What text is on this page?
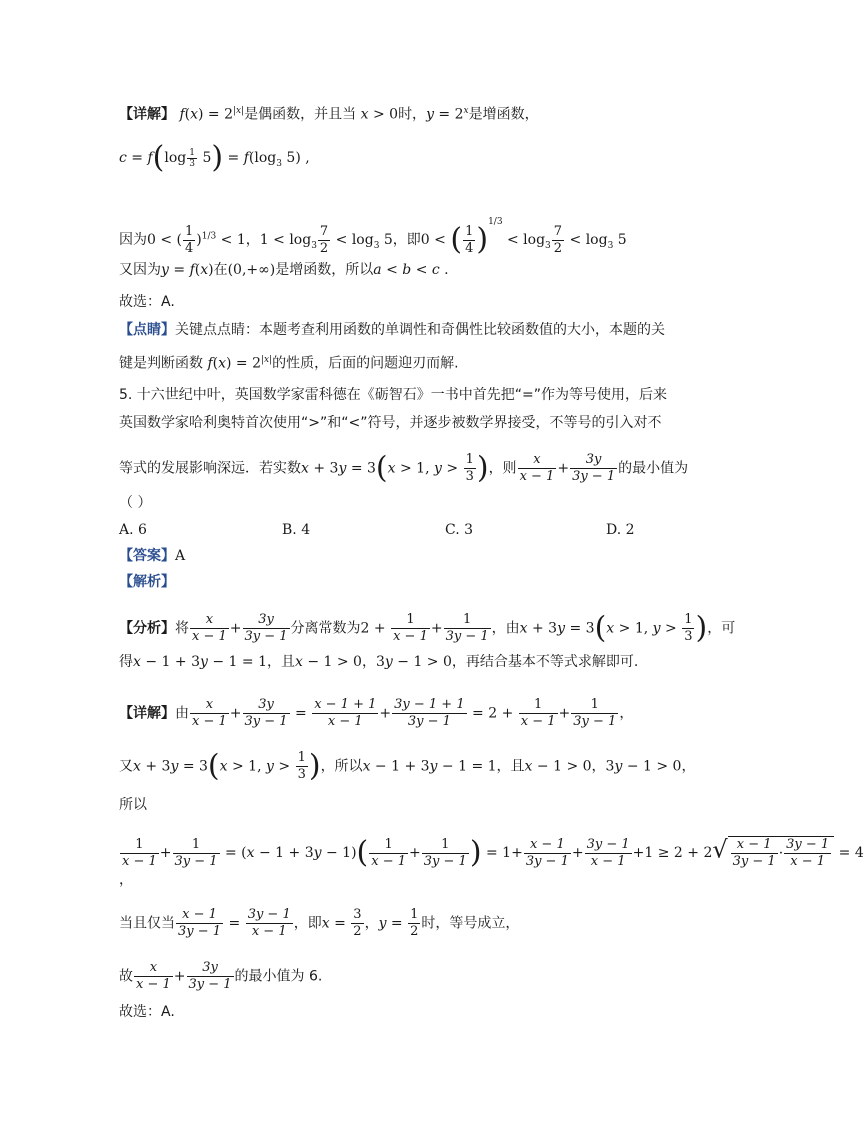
【详解】 $f(x) = 2^{|x|}$是偶函数，并且当 x > 0时，$y = 2^x$是增函数，
$c = f(\log \frac{1}{3} 5) = f(\log_3$ 5) ,
因为0 < ( $\frac{1}{4} )^{1/3} < 1$，$1 < \log_3 \frac{7}{2} < \log_3 5$，即0 < ( $\frac{1}{4} )^{1/3} < \log_3 \frac{7}{2} < \log_3 5$
又因为y = f(x)在(0,+∞)是增函数，所以a < b < c .
故选：A.
【点睛】关键点点睛：本题考查利用函数的单调性和奇偶性比较函数值的大小，本题的关
键是判断函数 $f(x) = 2^{|x|}$的性质，后面的问题迎刃而解.
5. 十六世纪中叶，英国数学家雷科德在《砺智石》一书中首先把“=”作为等号使用，后来
英国数学家哈利奥特首次使用“>”和“<”符号，并逐步被数学界接受，不等号的引入对不
等式的发展影响深远．若实数x + 3y = 3(x > 1, $y > \frac{1}{3}$ )，则 $\frac{x}{x - 1} + \frac{3y}{3y - 1}$ 的最小值为
（ ）
A. 6	B. 4	C. 3	D. 2
【答案】A
【解析】
【分析】将 $\frac{x}{x - 1} + \frac{3y}{3y - 1}$ 分离常数为$2 + \frac{1}{x - 1} + \frac{1}{3y - 1}$ ，由x + 3y = 3(x > 1, $y > \frac{1}{3}$ )，可
得x − 1 + 3y − 1 = 1，且x − 1 > 0，3y − 1 > 0，再结合基本不等式求解即可.
【详解】由 $\frac{x}{x - 1} + \frac{3y}{3y - 1} = \frac{x - 1 + 1}{x - 1} + \frac{3y - 1 + 1}{3y - 1} = 2 + \frac{1}{x - 1} + \frac{1}{3y - 1}$ ，
又x + 3y = 3(x > 1, $y > \frac{1}{3}$ )，所以x − 1 + 3y − 1 = 1，且x − 1 > 0，3y − 1 > 0，
所以
$\frac{1}{x - 1} + \frac{1}{3y - 1} = (x - 1 + 3y - 1)( \frac{1}{x - 1} + \frac{1}{3y - 1}$ ) = $1+ \frac{x - 1}{3y - 1} + \frac{3y - 1}{x - 1} +1 \ge 2 + 2√ \frac{x - 1}{3y - 1} \cdot \frac{3y - 1}{x - 1} = 4$
，
当且仅当 $\frac{x - 1}{3y - 1} = \frac{3y - 1}{x - 1}$ ，即$x = \frac{3}{2}$ ，$y = \frac{1}{2}$ 时，等号成立，
故 $\frac{x}{x - 1} + \frac{3y}{3y - 1}$ 的最小值为 6.
故选：A.
